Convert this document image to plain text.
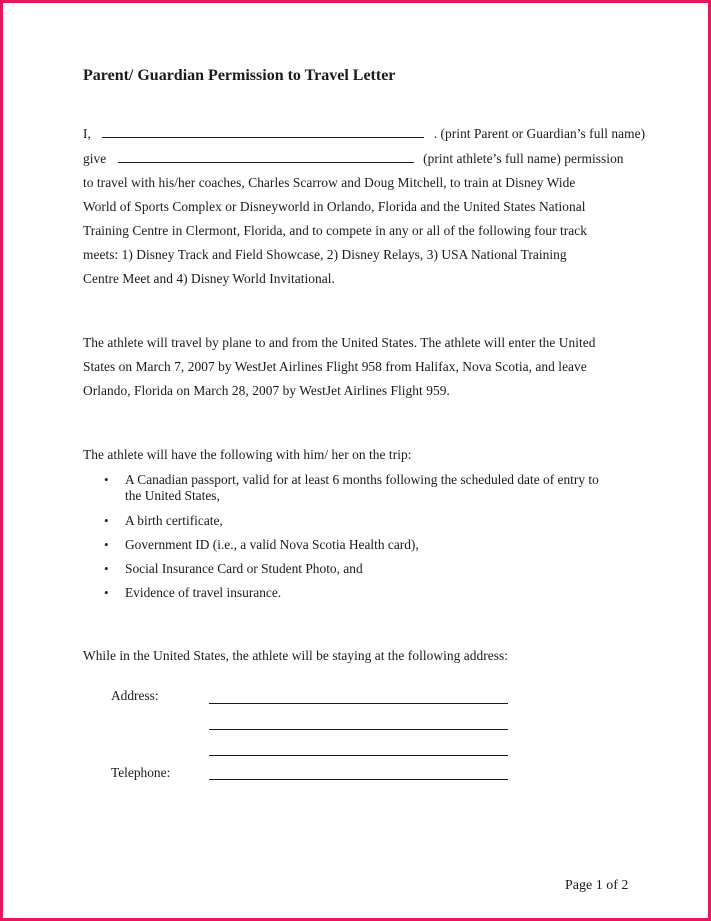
Parent/ Guardian Permission to Travel Letter
I,	. (print Parent or Guardian’s full name)
give	(print athlete’s full name) permission
to travel with his/her coaches, Charles Scarrow and Doug Mitchell, to train at Disney Wide
World of Sports Complex or Disneyworld in Orlando, Florida and the United States National
Training Centre in Clermont, Florida, and to compete in any or all of the following four track
meets: 1) Disney Track and Field Showcase, 2) Disney Relays, 3) USA National Training
Centre Meet and 4) Disney World Invitational.
The athlete will travel by plane to and from the United States. The athlete will enter the United
States on March 7, 2007 by WestJet Airlines Flight 958 from Halifax, Nova Scotia, and leave
Orlando, Florida on March 28, 2007 by WestJet Airlines Flight 959.
The athlete will have the following with him/ her on the trip:
• A Canadian passport, valid for at least 6 months following the scheduled date of entry to
the United States,
• A birth certificate,
• Government ID (i.e., a valid Nova Scotia Health card),
• Social Insurance Card or Student Photo, and
• Evidence of travel insurance.
While in the United States, the athlete will be staying at the following address:
Address:
Telephone:
Page 1 of 2
